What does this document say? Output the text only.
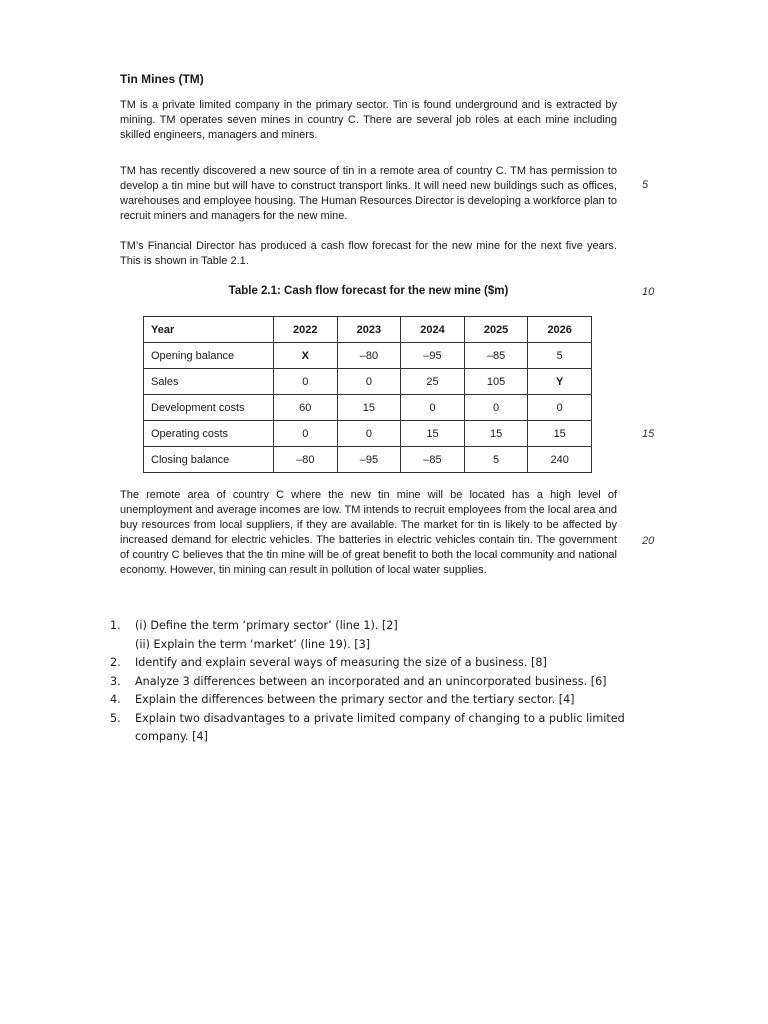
Tin Mines (TM)

TM is a private limited company in the primary sector. Tin is found underground and is extracted by mining. TM operates seven mines in country C. There are several job roles at each mine including skilled engineers, managers and miners.

TM has recently discovered a new source of tin in a remote area of country C. TM has permission to develop a tin mine but will have to construct transport links. It will need new buildings such as offices, warehouses and employee housing. The Human Resources Director is developing a workforce plan to recruit miners and managers for the new mine.

TM’s Financial Director has produced a cash flow forecast for the new mine for the next five years. This is shown in Table 2.1.

5
10
15
20
Table 2.1: Cash flow forecast for the new mine ($m)
Year	2022	2023	2024	2025	2026
Opening balance	X	–80	–95	–85	5
Sales	0	0	25	105	Y
Development costs	60	15	0	0	0
Operating costs	0	0	15	15	15
Closing balance	–80	–95	–85	5	240

The remote area of country C where the new tin mine will be located has a high level of unemployment and average incomes are low. TM intends to recruit employees from the local area and buy resources from local suppliers, if they are available. The market for tin is likely to be affected by increased demand for electric vehicles. The batteries in electric vehicles contain tin. The government of country C believes that the tin mine will be of great benefit to both the local community and national economy. However, tin mining can result in pollution of local water supplies.

1. (i) Define the term ‘primary sector’ (line 1). [2]
(ii) Explain the term ‘market’ (line 19). [3]
2. Identify and explain several ways of measuring the size of a business. [8]
3. Analyze 3 differences between an incorporated and an unincorporated business. [6]
4. Explain the differences between the primary sector and the tertiary sector. [4]
5. Explain two disadvantages to a private limited company of changing to a public limited company. [4]
